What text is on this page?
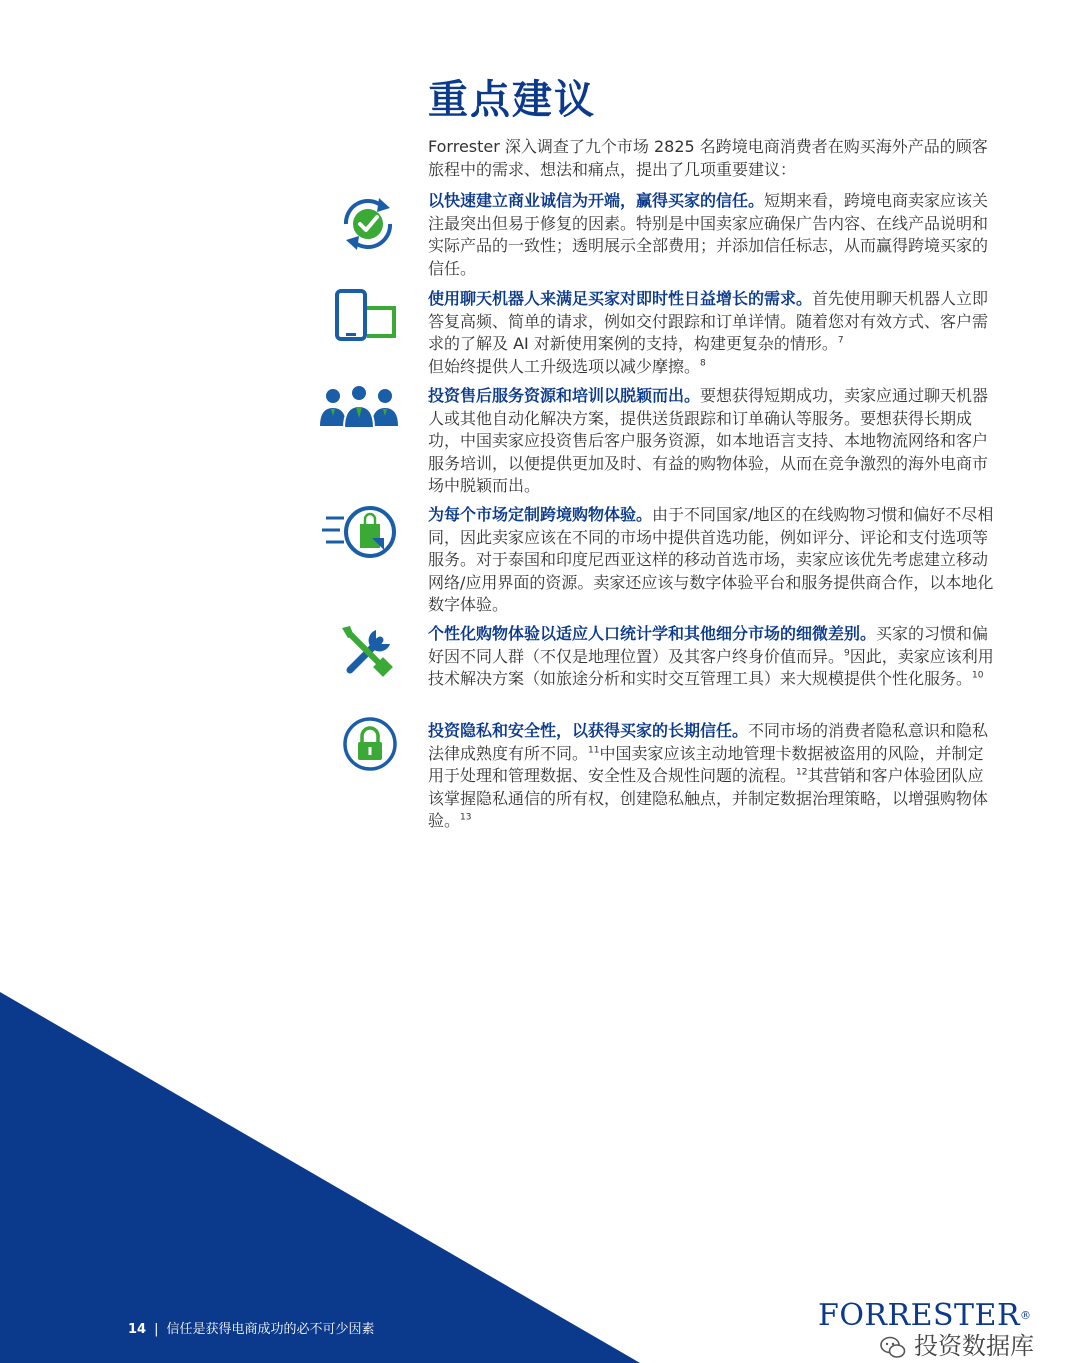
重点建议

Forrester 深入调查了九个市场 2825 名跨境电商消费者在购买海外产品的顾客旅程中的需求、想法和痛点，提出了几项重要建议：

以快速建立商业诚信为开端，赢得买家的信任。短期来看，跨境电商卖家应该关注最突出但易于修复的因素。特别是中国卖家应确保广告内容、在线产品说明和实际产品的一致性；透明展示全部费用；并添加信任标志，从而赢得跨境买家的信任。

使用聊天机器人来满足买家对即时性日益增长的需求。首先使用聊天机器人立即答复高频、简单的请求，例如交付跟踪和订单详情。随着您对有效方式、客户需求的了解及 AI 对新使用案例的支持，构建更复杂的情形。$^7$
但始终提供人工升级选项以减少摩擦。$^8$

投资售后服务资源和培训以脱颖而出。要想获得短期成功，卖家应通过聊天机器人或其他自动化解决方案，提供送货跟踪和订单确认等服务。要想获得长期成功，中国卖家应投资售后客户服务资源，如本地语言支持、本地物流网络和客户服务培训，以便提供更加及时、有益的购物体验，从而在竞争激烈的海外电商市场中脱颖而出。

为每个市场定制跨境购物体验。由于不同国家/地区的在线购物习惯和偏好不尽相同，因此卖家应该在不同的市场中提供首选功能，例如评分、评论和支付选项等服务。对于泰国和印度尼西亚这样的移动首选市场，卖家应该优先考虑建立移动网络/应用界面的资源。卖家还应该与数字体验平台和服务提供商合作，以本地化数字体验。

个性化购物体验以适应人口统计学和其他细分市场的细微差别。买家的习惯和偏好因不同人群（不仅是地理位置）及其客户终身价值而异。$^9$因此，卖家应该利用技术解决方案（如旅途分析和实时交互管理工具）来大规模提供个性化服务。$^{10}$

投资隐私和安全性，以获得买家的长期信任。不同市场的消费者隐私意识和隐私法律成熟度有所不同。$^{11}$中国卖家应该主动地管理卡数据被盗用的风险，并制定用于处理和管理数据、安全性及合规性问题的流程。$^{12}$其营销和客户体验团队应该掌握隐私通信的所有权，创建隐私触点，并制定数据治理策略，以增强购物体验。$^{13}$

14 | 信任是获得电商成功的必不可少因素	FORRESTER®
投资数据库
